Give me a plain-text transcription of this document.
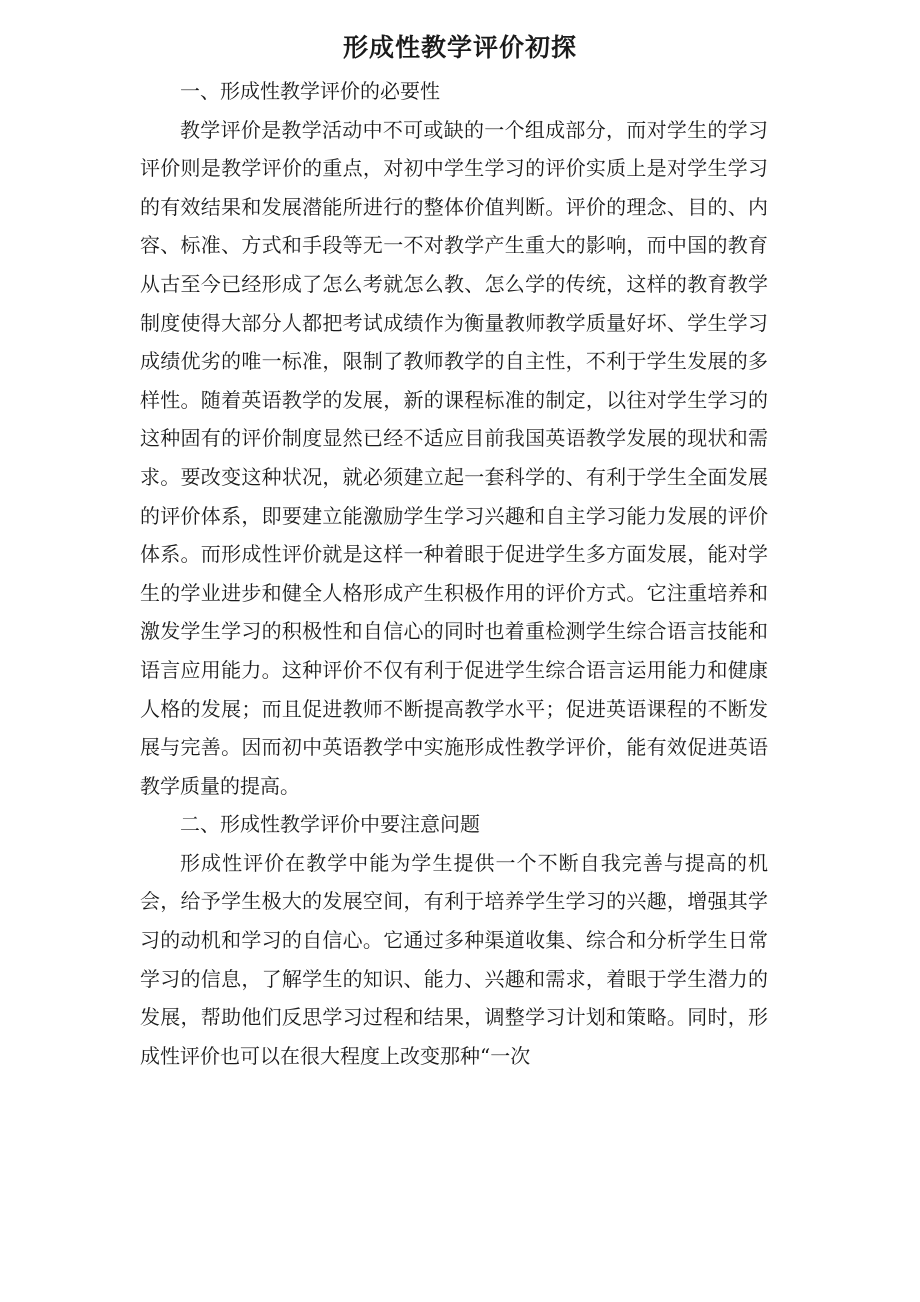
形成性教学评价初探

一、形成性教学评价的必要性

教学评价是教学活动中不可或缺的一个组成部分，而对学生的学习评价则是教学评价的重点，对初中学生学习的评价实质上是对学生学习的有效结果和发展潜能所进行的整体价值判断。评价的理念、目的、内容、标准、方式和手段等无一不对教学产生重大的影响，而中国的教育从古至今已经形成了怎么考就怎么教、怎么学的传统，这样的教育教学制度使得大部分人都把考试成绩作为衡量教师教学质量好坏、学生学习成绩优劣的唯一标准，限制了教师教学的自主性，不利于学生发展的多样性。随着英语教学的发展，新的课程标准的制定，以往对学生学习的这种固有的评价制度显然已经不适应目前我国英语教学发展的现状和需求。要改变这种状况，就必须建立起一套科学的、有利于学生全面发展的评价体系，即要建立能激励学生学习兴趣和自主学习能力发展的评价体系。而形成性评价就是这样一种着眼于促进学生多方面发展，能对学生的学业进步和健全人格形成产生积极作用的评价方式。它注重培养和激发学生学习的积极性和自信心的同时也着重检测学生综合语言技能和语言应用能力。这种评价不仅有利于促进学生综合语言运用能力和健康人格的发展；而且促进教师不断提高教学水平；促进英语课程的不断发展与完善。因而初中英语教学中实施形成性教学评价，能有效促进英语教学质量的提高。

二、形成性教学评价中要注意问题

形成性评价在教学中能为学生提供一个不断自我完善与提高的机会，给予学生极大的发展空间，有利于培养学生学习的兴趣，增强其学习的动机和学习的自信心。它通过多种渠道收集、综合和分析学生日常学习的信息，了解学生的知识、能力、兴趣和需求，着眼于学生潜力的发展，帮助他们反思学习过程和结果，调整学习计划和策略。同时，形成性评价也可以在很大程度上改变那种“一次
